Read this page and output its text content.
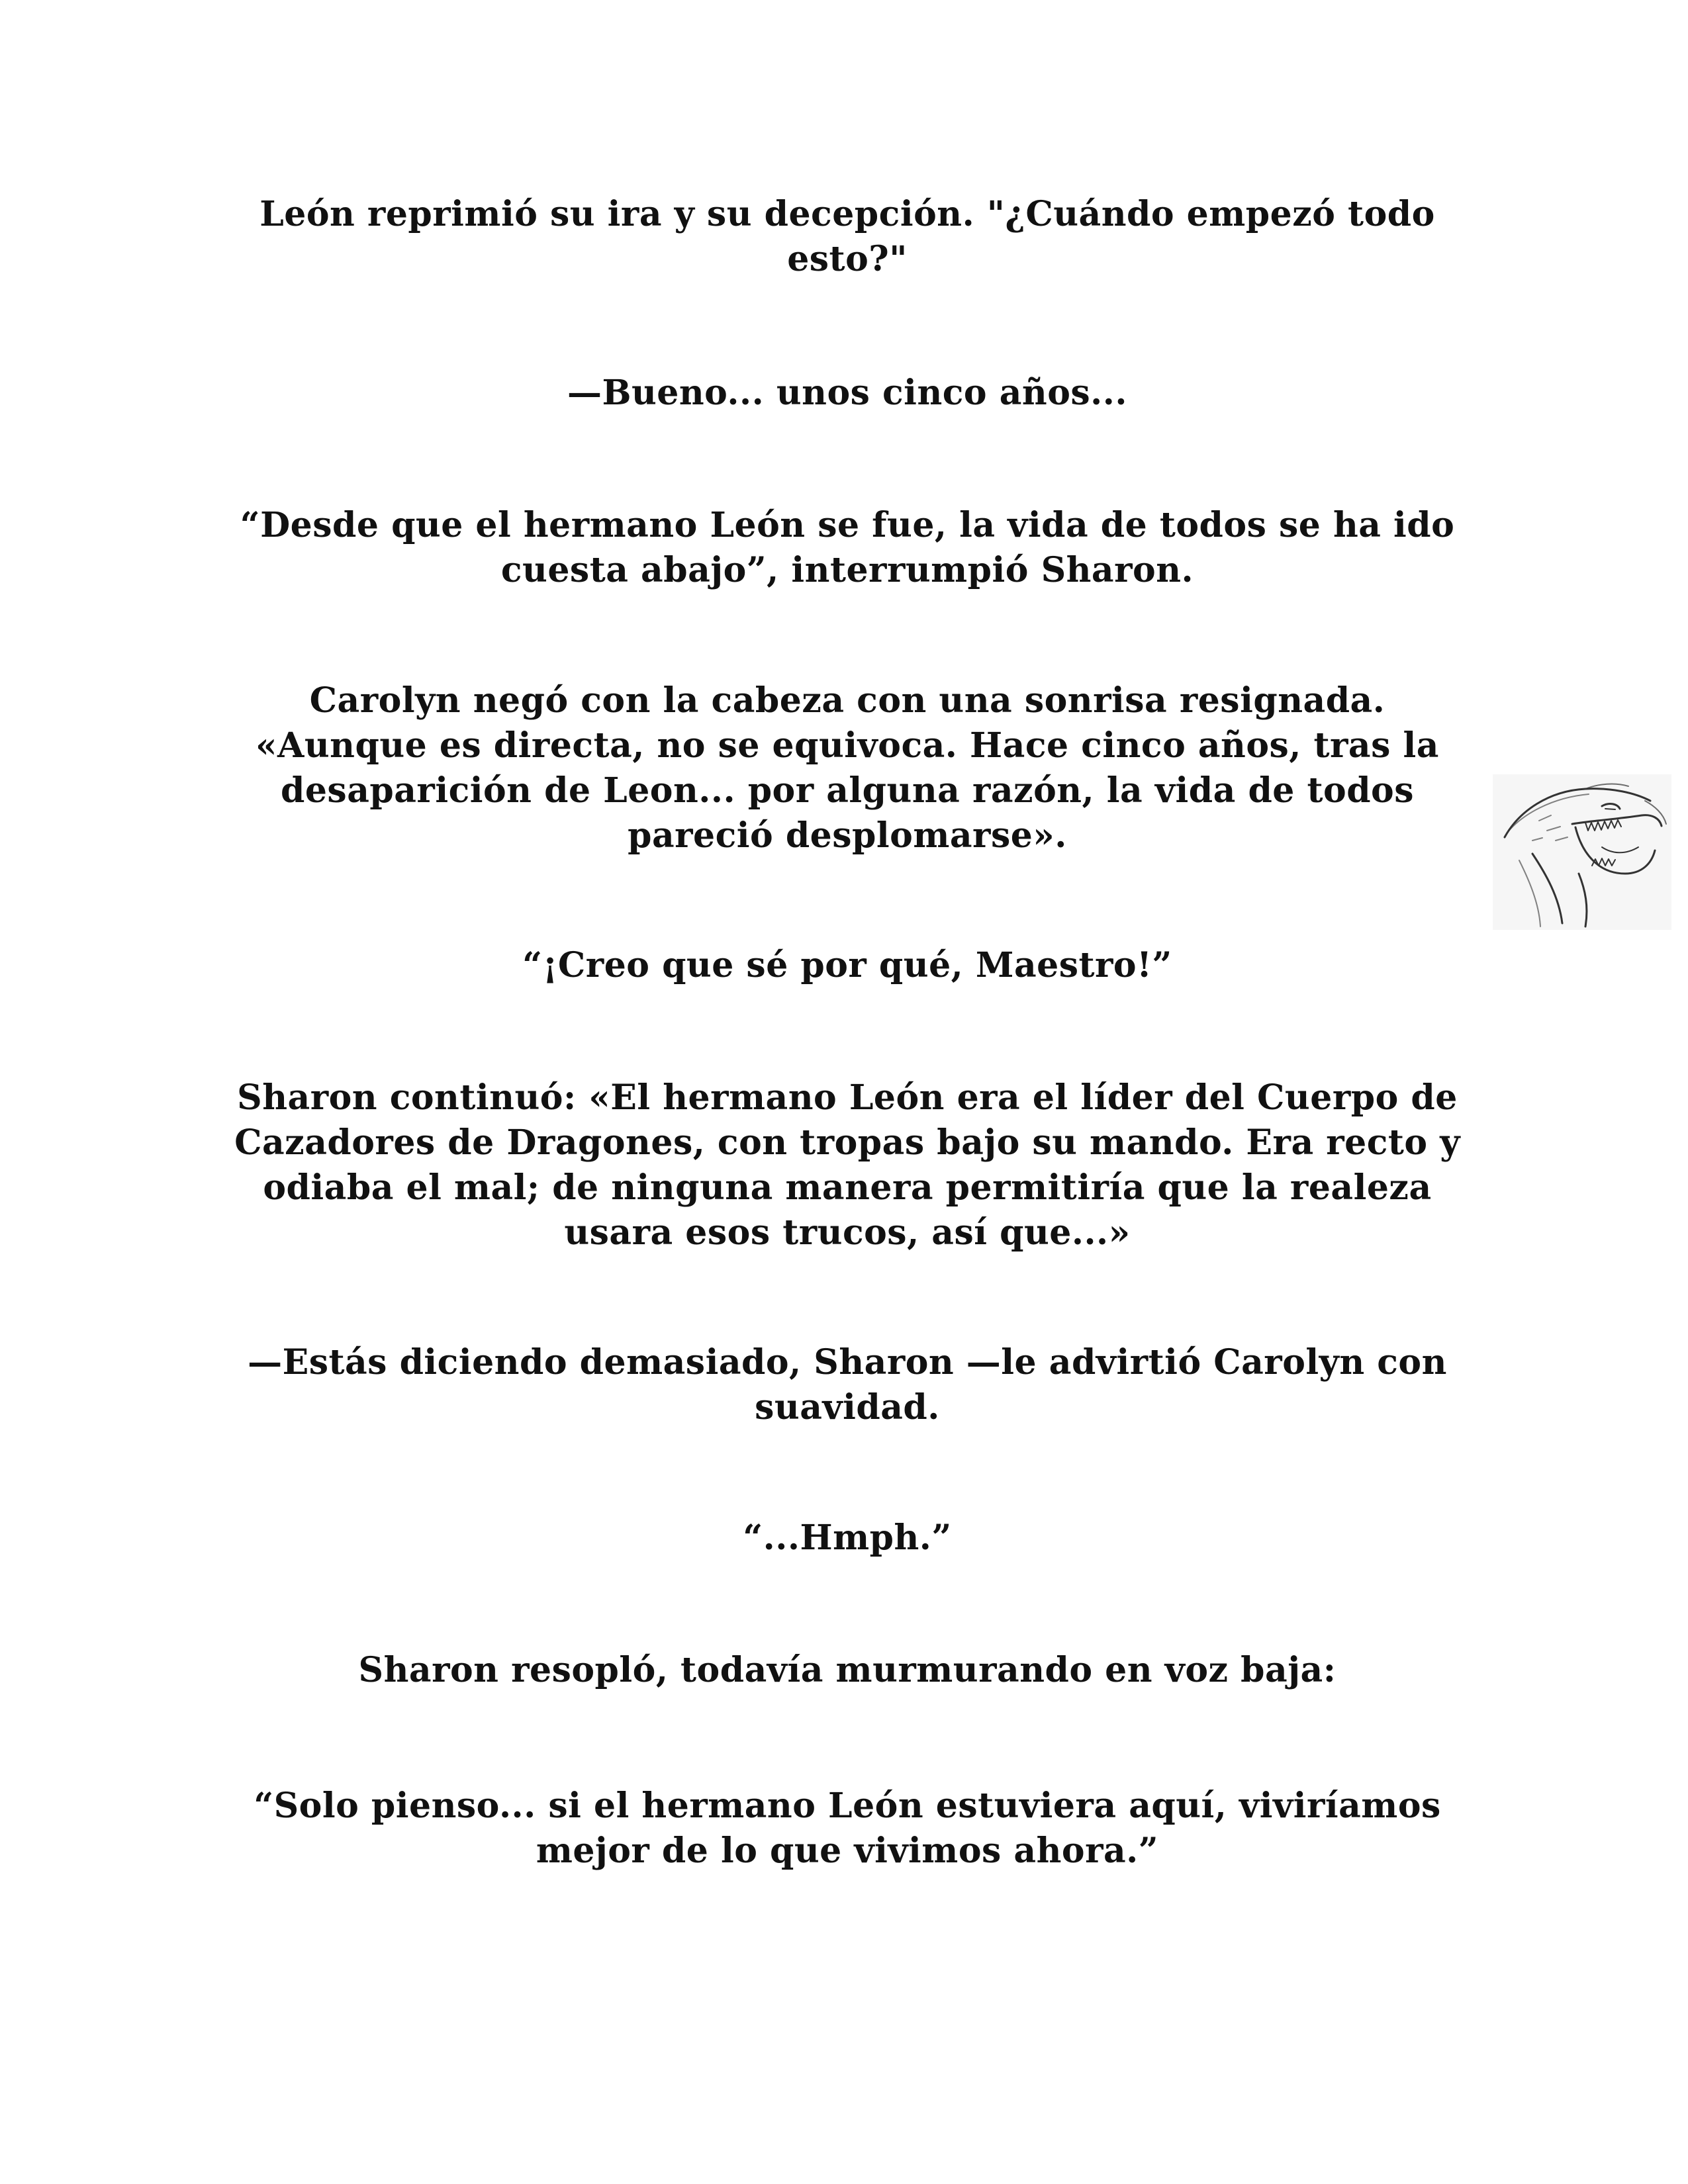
León reprimió su ira y su decepción. "¿Cuándo empezó todo esto?"

—Bueno... unos cinco años...

“Desde que el hermano León se fue, la vida de todos se ha ido cuesta abajo”, interrumpió Sharon.

Carolyn negó con la cabeza con una sonrisa resignada. «Aunque es directa, no se equivoca. Hace cinco años, tras la desaparición de Leon... por alguna razón, la vida de todos pareció desplomarse».

“¡Creo que sé por qué, Maestro!”

Sharon continuó: «El hermano León era el líder del Cuerpo de Cazadores de Dragones, con tropas bajo su mando. Era recto y odiaba el mal; de ninguna manera permitiría que la realeza usara esos trucos, así que...»

—Estás diciendo demasiado, Sharon —le advirtió Carolyn con suavidad.

“...Hmph.”

Sharon resopló, todavía murmurando en voz baja:

“Solo pienso... si el hermano León estuviera aquí, viviríamos mejor de lo que vivimos ahora.”
